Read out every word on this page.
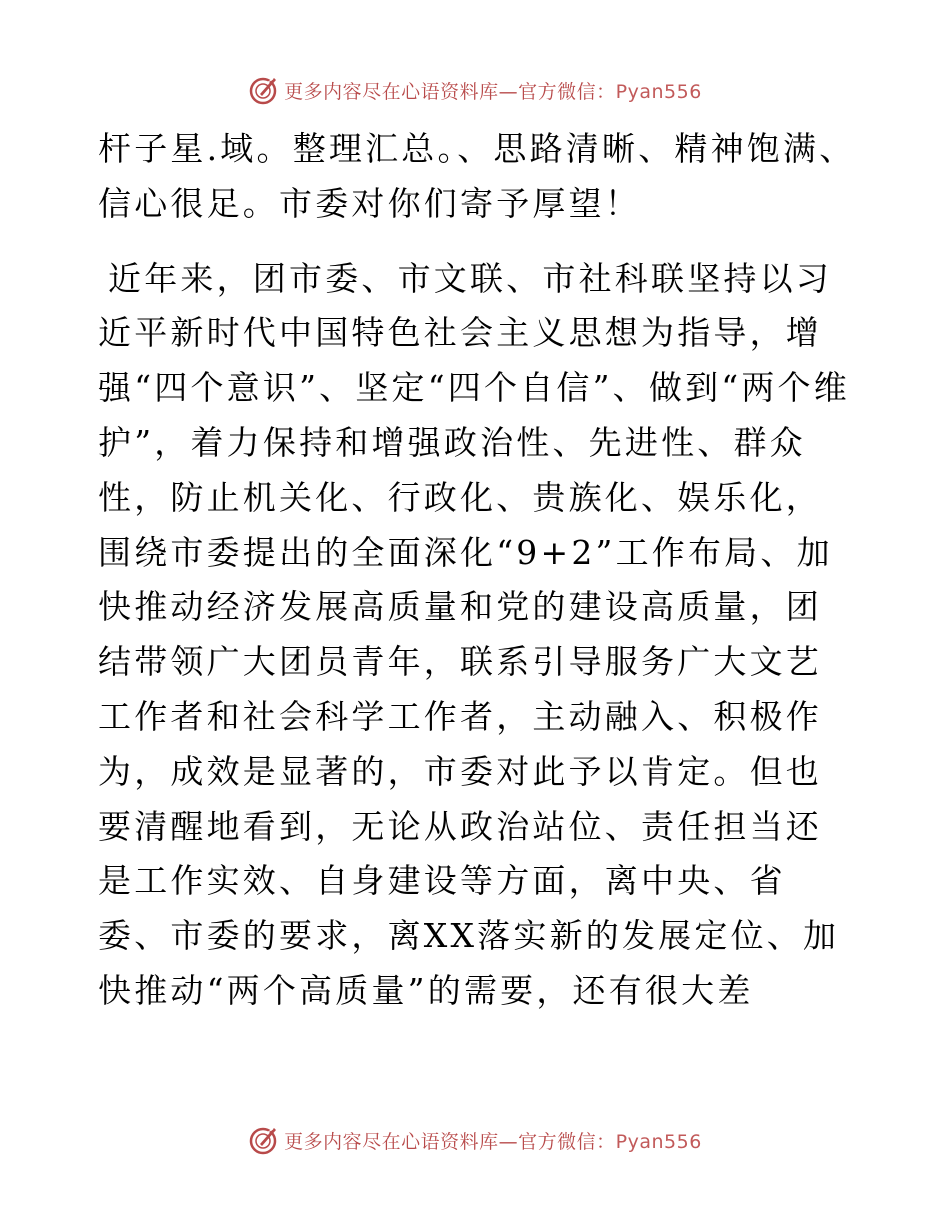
更多内容尽在心语资料库—官方微信：Pyan556

杆子星.域。整理汇总。、思路清晰、精神饱满、信心很足。市委对你们寄予厚望！

近年来，团市委、市文联、市社科联坚持以习近平新时代中国特色社会主义思想为指导，增强“四个意识”、坚定“四个自信”、做到“两个维护”，着力保持和增强政治性、先进性、群众性，防止机关化、行政化、贵族化、娱乐化，围绕市委提出的全面深化“9+2”工作布局、加快推动经济发展高质量和党的建设高质量，团结带领广大团员青年，联系引导服务广大文艺工作者和社会科学工作者，主动融入、积极作为，成效是显著的，市委对此予以肯定。但也要清醒地看到，无论从政治站位、责任担当还是工作实效、自身建设等方面，离中央、省委、市委的要求，离XX落实新的发展定位、加快推动“两个高质量”的需要，还有很大差

更多内容尽在心语资料库—官方微信：Pyan556
